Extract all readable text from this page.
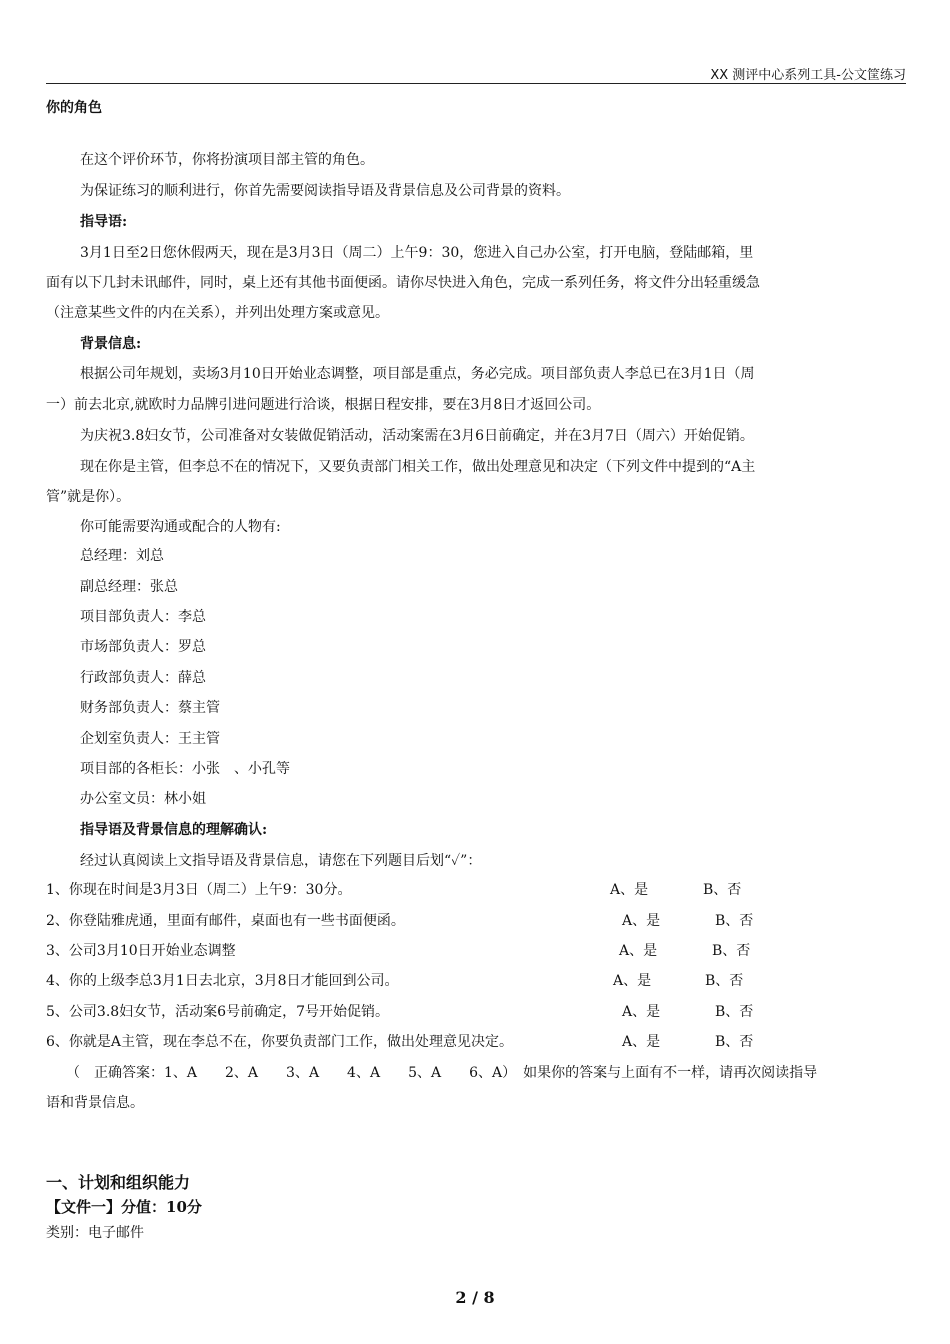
XX 测评中心系列工具-公文筐练习
你的角色
在这个评价环节，你将扮演项目部主管的角色。
为保证练习的顺利进行，你首先需要阅读指导语及背景信息及公司背景的资料。
指导语:
3月1日至2日您休假两天，现在是3月3日（周二）上午9：30，您进入自己办公室，打开电脑，登陆邮箱，里
面有以下几封未讯邮件，同时，桌上还有其他书面便函。请你尽快进入角色，完成一系列任务，将文件分出轻重缓急
（注意某些文件的内在关系），并列出处理方案或意见。
背景信息:
根据公司年规划，卖场3月10日开始业态调整，项目部是重点，务必完成。项目部负责人李总已在3月1日（周
一）前去北京,就欧时力品牌引进问题进行洽谈，根据日程安排，要在3月8日才返回公司。
为庆祝3.8妇女节，公司准备对女装做促销活动，活动案需在3月6日前确定，并在3月7日（周六）开始促销。
现在你是主管，但李总不在的情况下，又要负责部门相关工作，做出处理意见和决定（下列文件中提到的“A主
管”就是你）。
你可能需要沟通或配合的人物有:
总经理：刘总
副总经理：张总
项目部负责人：李总
市场部负责人：罗总
行政部负责人：薛总
财务部负责人：蔡主管
企划室负责人：王主管
项目部的各柜长：小张　、小孔等
办公室文员：林小姐
指导语及背景信息的理解确认:
经过认真阅读上文指导语及背景信息，请您在下列题目后划“✓”：
1、你现在时间是3月3日（周二）上午9：30分。	A、是	B、否
2、你登陆雅虎通，里面有邮件，桌面也有一些书面便函。	A、是	B、否
3、公司3月10日开始业态调整	A、是	B、否
4、你的上级李总3月1日去北京，3月8日才能回到公司。	A、是	B、否
5、公司3.8妇女节，活动案6号前确定，7号开始促销。	A、是	B、否
6、你就是A主管，现在李总不在，你要负责部门工作，做出处理意见决定。	A、是	B、否
（　正确答案：1、A　　2、A　　3、A　　4、A　　5、A　　6、A）　如果你的答案与上面有不一样，请再次阅读指导
语和背景信息。
一、计划和组织能力
【文件一】分值：10分
类别：电子邮件
2 / 8
